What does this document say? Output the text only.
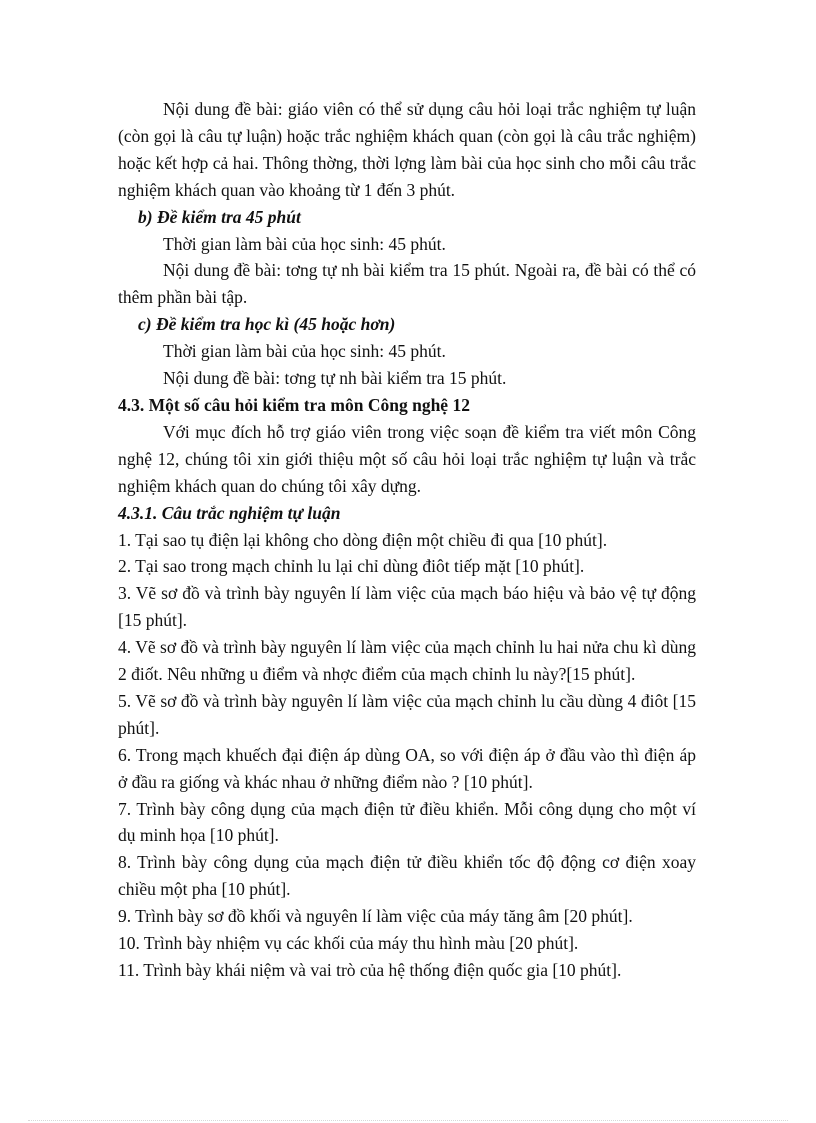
Nội dung đề bài: giáo viên có thể sử dụng câu hỏi loại trắc nghiệm tự luận (còn gọi là câu tự luận) hoặc trắc nghiệm khách quan (còn gọi là câu trắc nghiệm) hoặc kết hợp cả hai. Thông thờng, thời lợng làm bài của học sinh cho mỗi câu trắc nghiệm khách quan vào khoảng từ 1 đến 3 phút.

b) Đề kiểm tra 45 phút

Thời gian làm bài của học sinh: 45 phút.

Nội dung đề bài: tơng tự nh bài kiểm tra 15 phút. Ngoài ra, đề bài có thể có thêm phần bài tập.

c) Đề kiểm tra học kì (45 hoặc hơn)

Thời gian làm bài của học sinh: 45 phút.

Nội dung đề bài: tơng tự nh bài kiểm tra 15 phút.

4.3. Một số câu hỏi kiểm tra môn Công nghệ 12

Với mục đích hỗ trợ giáo viên trong việc soạn đề kiểm tra viết môn Công nghệ 12, chúng tôi xin giới thiệu một số câu hỏi loại trắc nghiệm tự luận và trắc nghiệm khách quan do chúng tôi xây dựng.

4.3.1. Câu trắc nghiệm tự luận

1. Tại sao tụ điện lại không cho dòng điện một chiều đi qua [10 phút].

2. Tại sao trong mạch chỉnh lu lại chỉ dùng điôt tiếp mặt [10 phút].

3. Vẽ sơ đồ và trình bày nguyên lí làm việc của mạch báo hiệu và bảo vệ tự động [15 phút].

4. Vẽ sơ đồ và trình bày nguyên lí làm việc của mạch chỉnh lu hai nửa chu kì dùng 2 điốt. Nêu những u điểm và nhợc điểm của mạch chỉnh lu này?[15 phút].

5. Vẽ sơ đồ và trình bày nguyên lí làm việc của mạch chỉnh lu cầu dùng 4 điôt [15 phút].

6. Trong mạch khuếch đại điện áp dùng OA, so với điện áp ở đầu vào thì điện áp ở đầu ra giống và khác nhau ở những điểm nào ? [10 phút].

7. Trình bày công dụng của mạch điện tử điều khiển. Mỗi công dụng cho một ví dụ minh họa [10 phút].

8. Trình bày công dụng của mạch điện tử điều khiển tốc độ động cơ điện xoay chiều một pha [10 phút].

9. Trình bày sơ đồ khối và nguyên lí làm việc của máy tăng âm [20 phút].

10. Trình bày nhiệm vụ các khối của máy thu hình màu [20 phút].

11. Trình bày khái niệm và vai trò của hệ thống điện quốc gia [10 phút].
